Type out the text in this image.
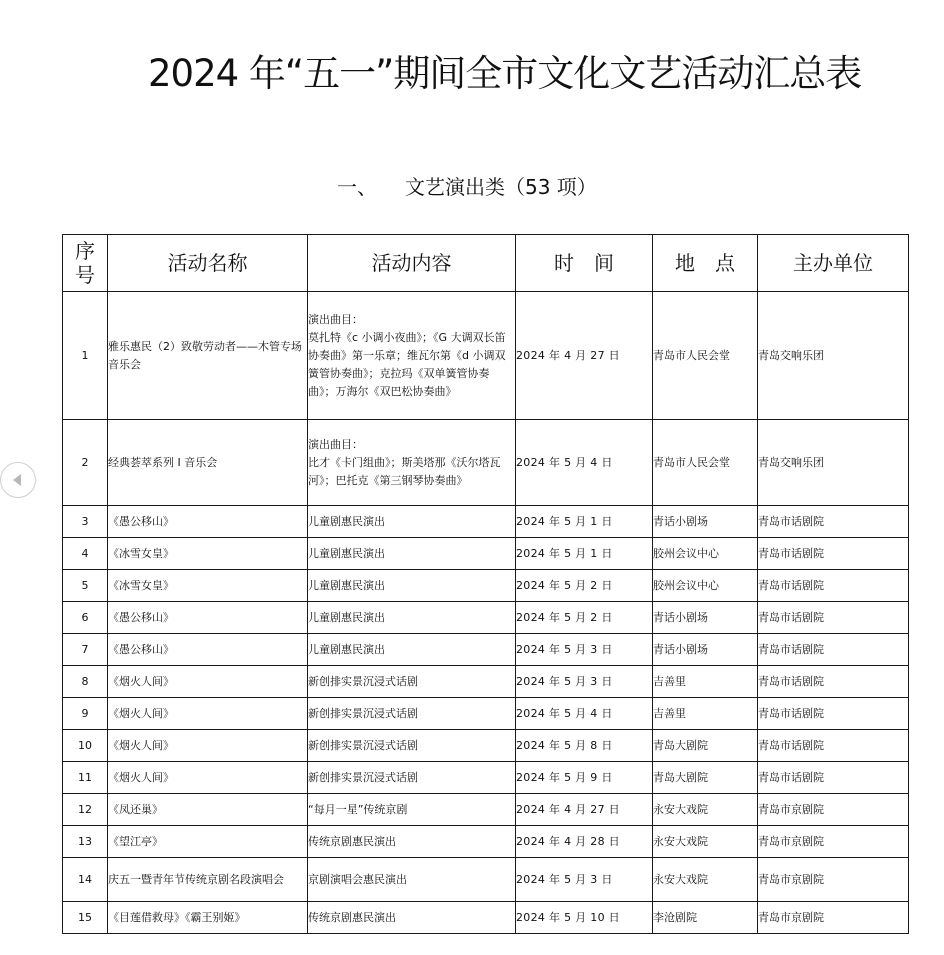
2024 年“五一”期间全市文化文艺活动汇总表
一、 文艺演出类（53 项）
序
号	活动名称	活动内容	时　间	地　点	主办单位
1	雅乐惠民（2）致敬劳动者——木管专场音乐会	演出曲目：
莫扎特《c 小调小夜曲》；《G 大调双长笛协奏曲》第一乐章；维瓦尔第《d 小调双簧管协奏曲》；克拉玛《双单簧管协奏曲》；万海尔《双巴松协奏曲》	2024 年 4 月 27 日	青岛市人民会堂	青岛交响乐团
2	经典荟萃系列 I 音乐会	演出曲目：
比才《卡门组曲》；斯美塔那《沃尔塔瓦河》；巴托克《第三钢琴协奏曲》	2024 年 5 月 4 日	青岛市人民会堂	青岛交响乐团
3	《愚公移山》	儿童剧惠民演出	2024 年 5 月 1 日	青话小剧场	青岛市话剧院
4	《冰雪女皇》	儿童剧惠民演出	2024 年 5 月 1 日	胶州会议中心	青岛市话剧院
5	《冰雪女皇》	儿童剧惠民演出	2024 年 5 月 2 日	胶州会议中心	青岛市话剧院
6	《愚公移山》	儿童剧惠民演出	2024 年 5 月 2 日	青话小剧场	青岛市话剧院
7	《愚公移山》	儿童剧惠民演出	2024 年 5 月 3 日	青话小剧场	青岛市话剧院
8	《烟火人间》	新创排实景沉浸式话剧	2024 年 5 月 3 日	吉善里	青岛市话剧院
9	《烟火人间》	新创排实景沉浸式话剧	2024 年 5 月 4 日	吉善里	青岛市话剧院
10	《烟火人间》	新创排实景沉浸式话剧	2024 年 5 月 8 日	青岛大剧院	青岛市话剧院
11	《烟火人间》	新创排实景沉浸式话剧	2024 年 5 月 9 日	青岛大剧院	青岛市话剧院
12	《凤还巢》	“每月一星”传统京剧	2024 年 4 月 27 日	永安大戏院	青岛市京剧院
13	《望江亭》	传统京剧惠民演出	2024 年 4 月 28 日	永安大戏院	青岛市京剧院
14	庆五一暨青年节传统京剧名段演唱会	京剧演唱会惠民演出	2024 年 5 月 3 日	永安大戏院	青岛市京剧院
15	《目莲借救母》《霸王别姬》	传统京剧惠民演出	2024 年 5 月 10 日	李沧剧院	青岛市京剧院
